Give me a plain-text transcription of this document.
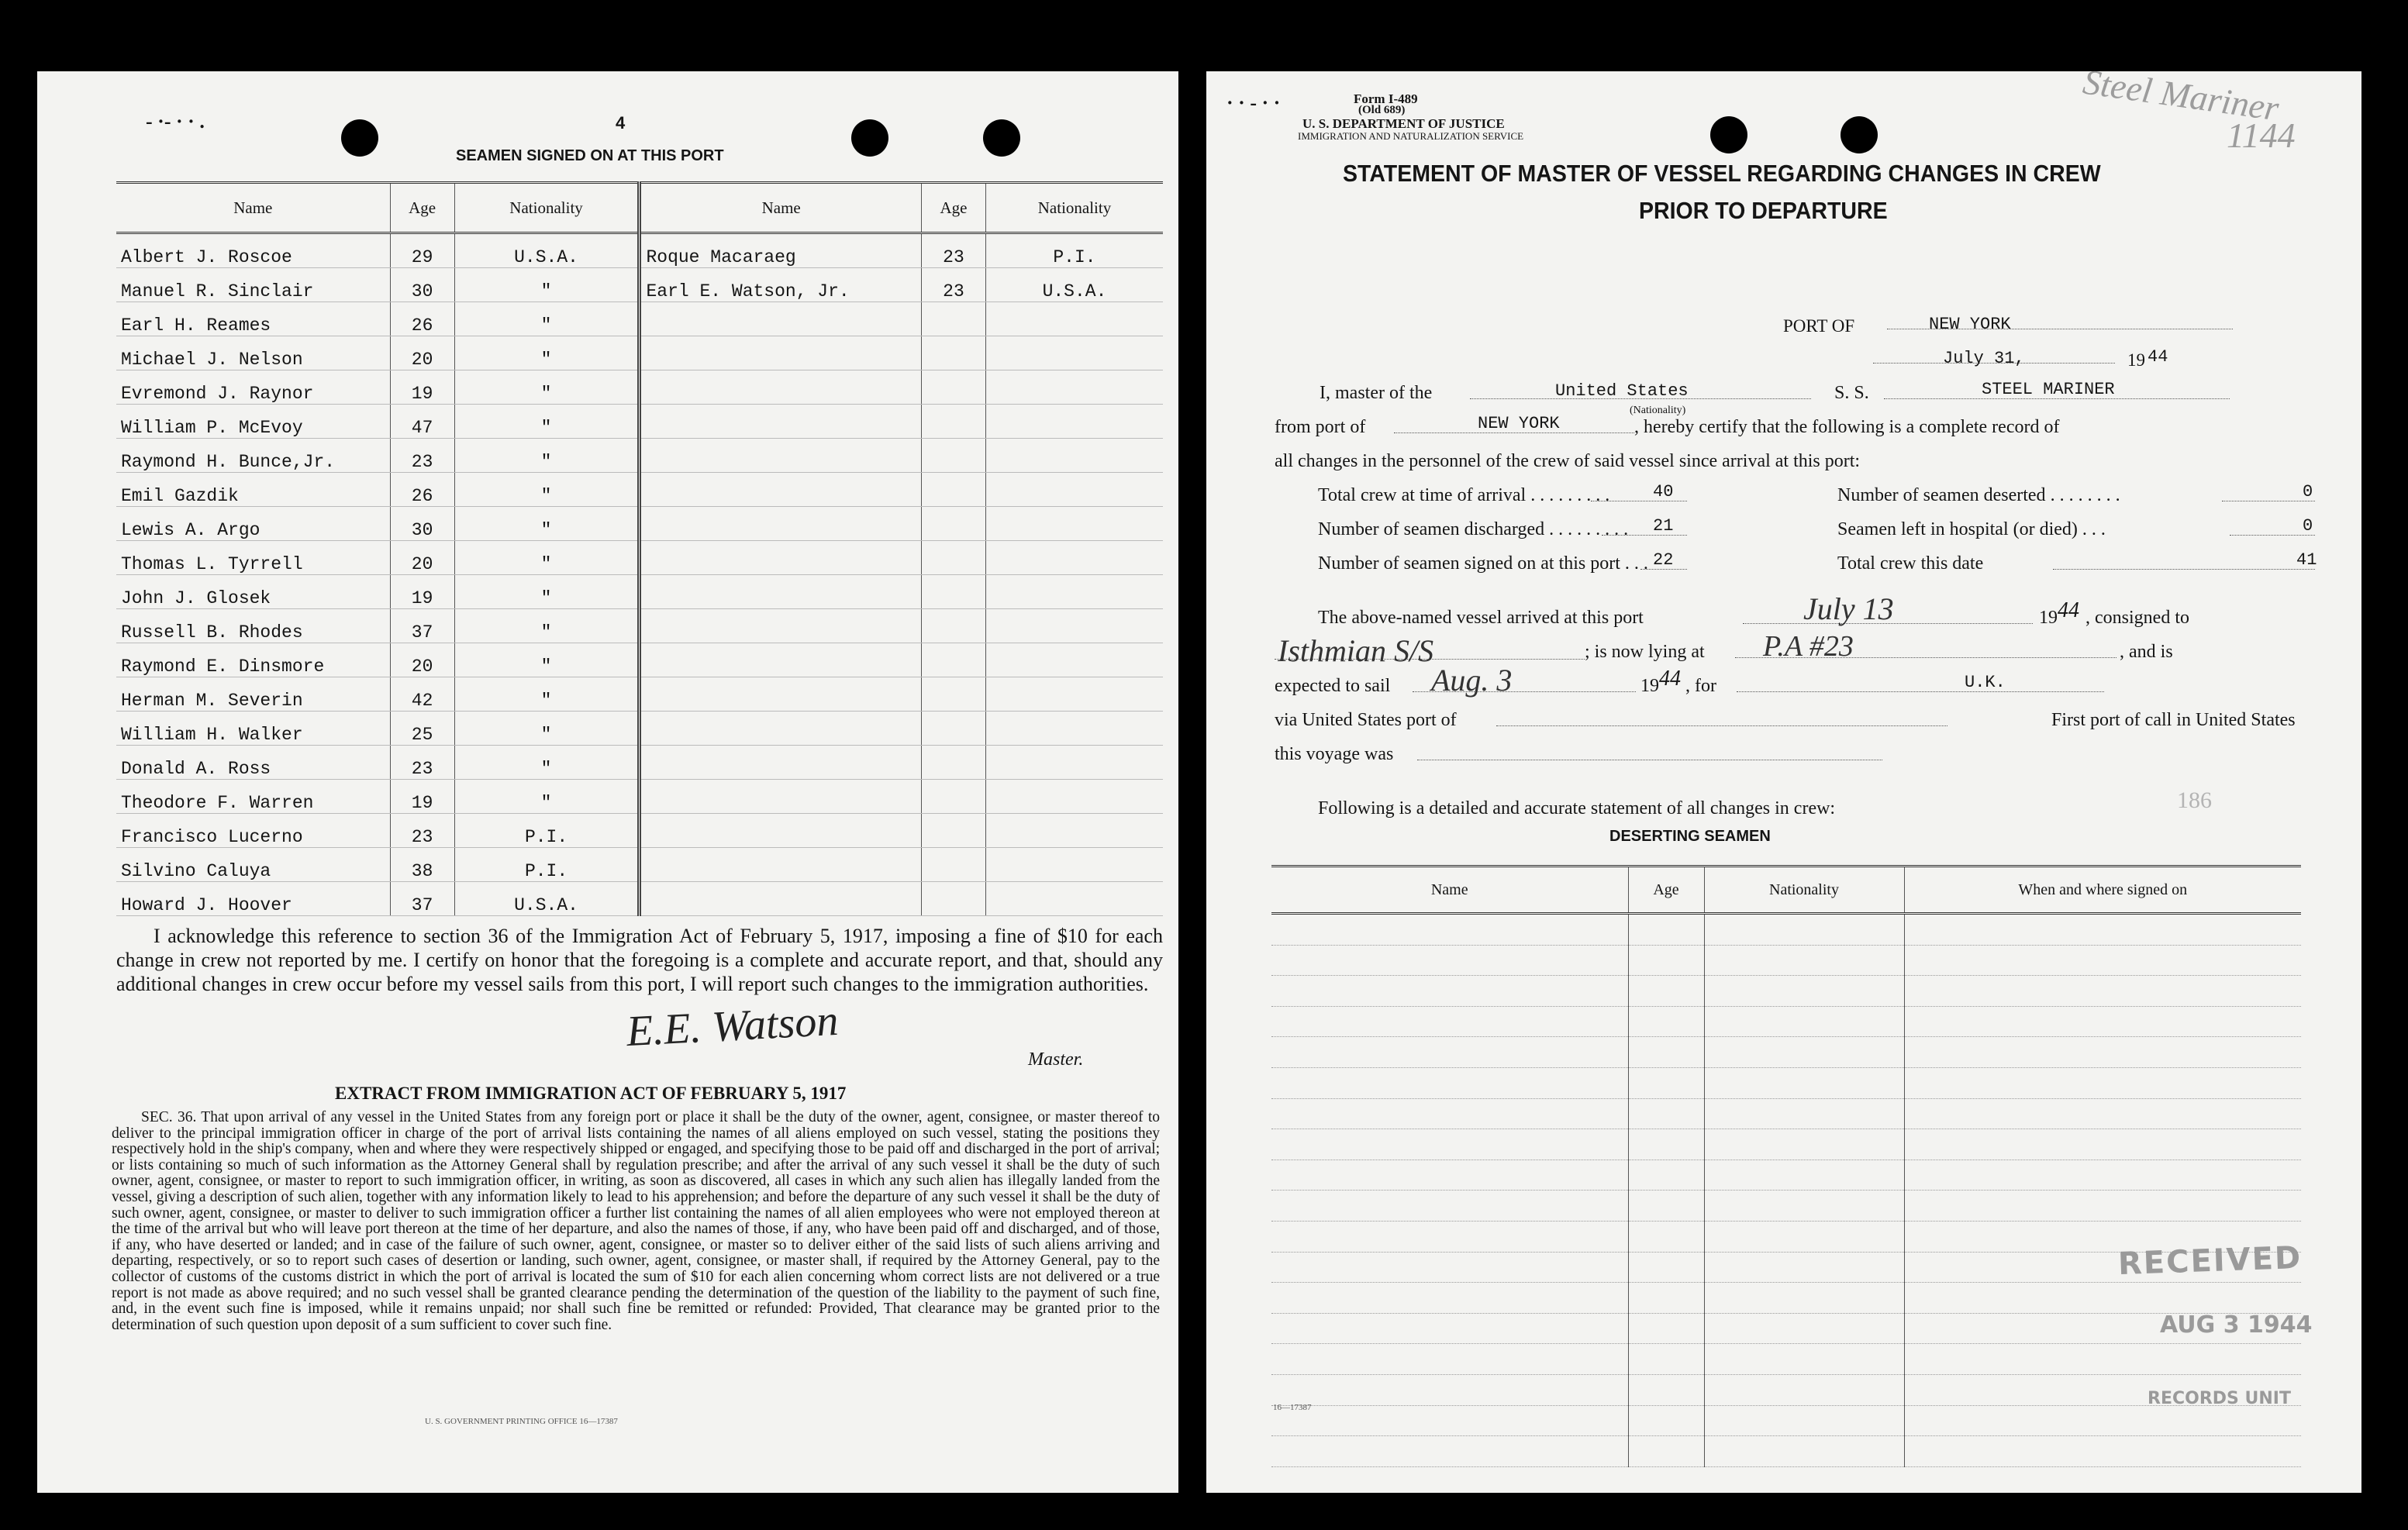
- ·- · · .	4
SEAMEN SIGNED ON AT THIS PORT
Name	Age	Nationality	Name	Age	Nationality
Albert J. Roscoe	29	U.S.A.	Roque Macaraeg	23	P.I.
Manuel R. Sinclair	30	"	Earl E. Watson, Jr.	23	U.S.A.
Earl H. Reames	26	"			
Michael J. Nelson	20	"			
Evremond J. Raynor	19	"			
William P. McEvoy	47	"			
Raymond H. Bunce,Jr.	23	"			
Emil Gazdik	26	"			
Lewis A. Argo	30	"			
Thomas L. Tyrrell	20	"			
John J. Glosek	19	"			
Russell B. Rhodes	37	"			
Raymond E. Dinsmore	20	"			
Herman M. Severin	42	"			
William H. Walker	25	"			
Donald A. Ross	23	"			
Theodore F. Warren	19	"			
Francisco Lucerno	23	P.I.			
Silvino Caluya	38	P.I.			
Howard J. Hoover	37	U.S.A.			
I acknowledge this reference to section 36 of the Immigration Act of February 5, 1917, imposing a fine of $10 for each change in crew not reported by me. I certify on honor that the foregoing is a complete and accurate report, and that, should any additional changes in crew occur before my vessel sails from this port, I will report such changes to the immigration authorities.
E.E. Watson
Master.
EXTRACT FROM IMMIGRATION ACT OF FEBRUARY 5, 1917
SEC. 36. That upon arrival of any vessel in the United States from any foreign port or place it shall be the duty of the owner, agent, consignee, or master thereof to deliver to the principal immigration officer in charge of the port of arrival lists containing the names of all aliens employed on such vessel, stating the positions they respectively hold in the ship's company, when and where they were respectively shipped or engaged, and specifying those to be paid off and discharged in the port of arrival; or lists containing so much of such information as the Attorney General shall by regulation prescribe; and after the arrival of any such vessel it shall be the duty of such owner, agent, consignee, or master to report to such immigration officer, in writing, as soon as discovered, all cases in which any such alien has illegally landed from the vessel, giving a description of such alien, together with any information likely to lead to his apprehension; and before the departure of any such vessel it shall be the duty of such owner, agent, consignee, or master to deliver to such immigration officer a further list containing the names of all alien employees who were not employed thereon at the time of the arrival but who will leave port thereon at the time of her departure, and also the names of those, if any, who have been paid off and discharged, and of those, if any, who have deserted or landed; and in case of the failure of such owner, agent, consignee, or master so to deliver either of the said lists of such aliens arriving and departing, respectively, or so to report such cases of desertion or landing, such owner, agent, consignee, or master shall, if required by the Attorney General, pay to the collector of customs of the customs district in which the port of arrival is located the sum of $10 for each alien concerning whom correct lists are not delivered or a true report is not made as above required; and no such vessel shall be granted clearance pending the determination of the question of the liability to the payment of such fine, and, in the event such fine is imposed, while it remains unpaid; nor shall such fine be remitted or refunded: Provided, That clearance may be granted prior to the determination of such question upon deposit of a sum sufficient to cover such fine.
U. S. GOVERNMENT PRINTING OFFICE 16—17387
· · - · ·	Form I-489
(Old 689)
U. S. DEPARTMENT OF JUSTICE
IMMIGRATION AND NATURALIZATION SERVICE
Steel Mariner
1144
STATEMENT OF MASTER OF VESSEL REGARDING CHANGES IN CREW
PRIOR TO DEPARTURE
PORT OF	NEW YORK
July 31,	19 44
I, master of the	United States
(Nationality)
S. S.	STEEL MARINER
from port of	NEW YORK	, hereby certify that the following is a complete record of
all changes in the personnel of the crew of said vessel since arrival at this port:
Total crew at time of arrival . . . . . . . . .	40
Number of seamen discharged . . . . . . . . . 21
Number of seamen signed on at this port . . . 22
Number of seamen deserted . . . . . . . .	0
Seamen left in hospital (or died) . . .	0
Total crew this date	41
The above-named vessel arrived at this port	July 13	19 44 , consigned to
Isthmian S/S	; is now lying at P.A #23	, and is
expected to sail Aug. 3	19 44 , for	U.K.
via United States port of	First port of call in United States
this voyage was
Following is a detailed and accurate statement of all changes in crew:	186
DESERTING SEAMEN
Name	Age	Nationality	When and where signed on

RECEIVED
AUG 3 1944
RECORDS UNIT
16—17387
